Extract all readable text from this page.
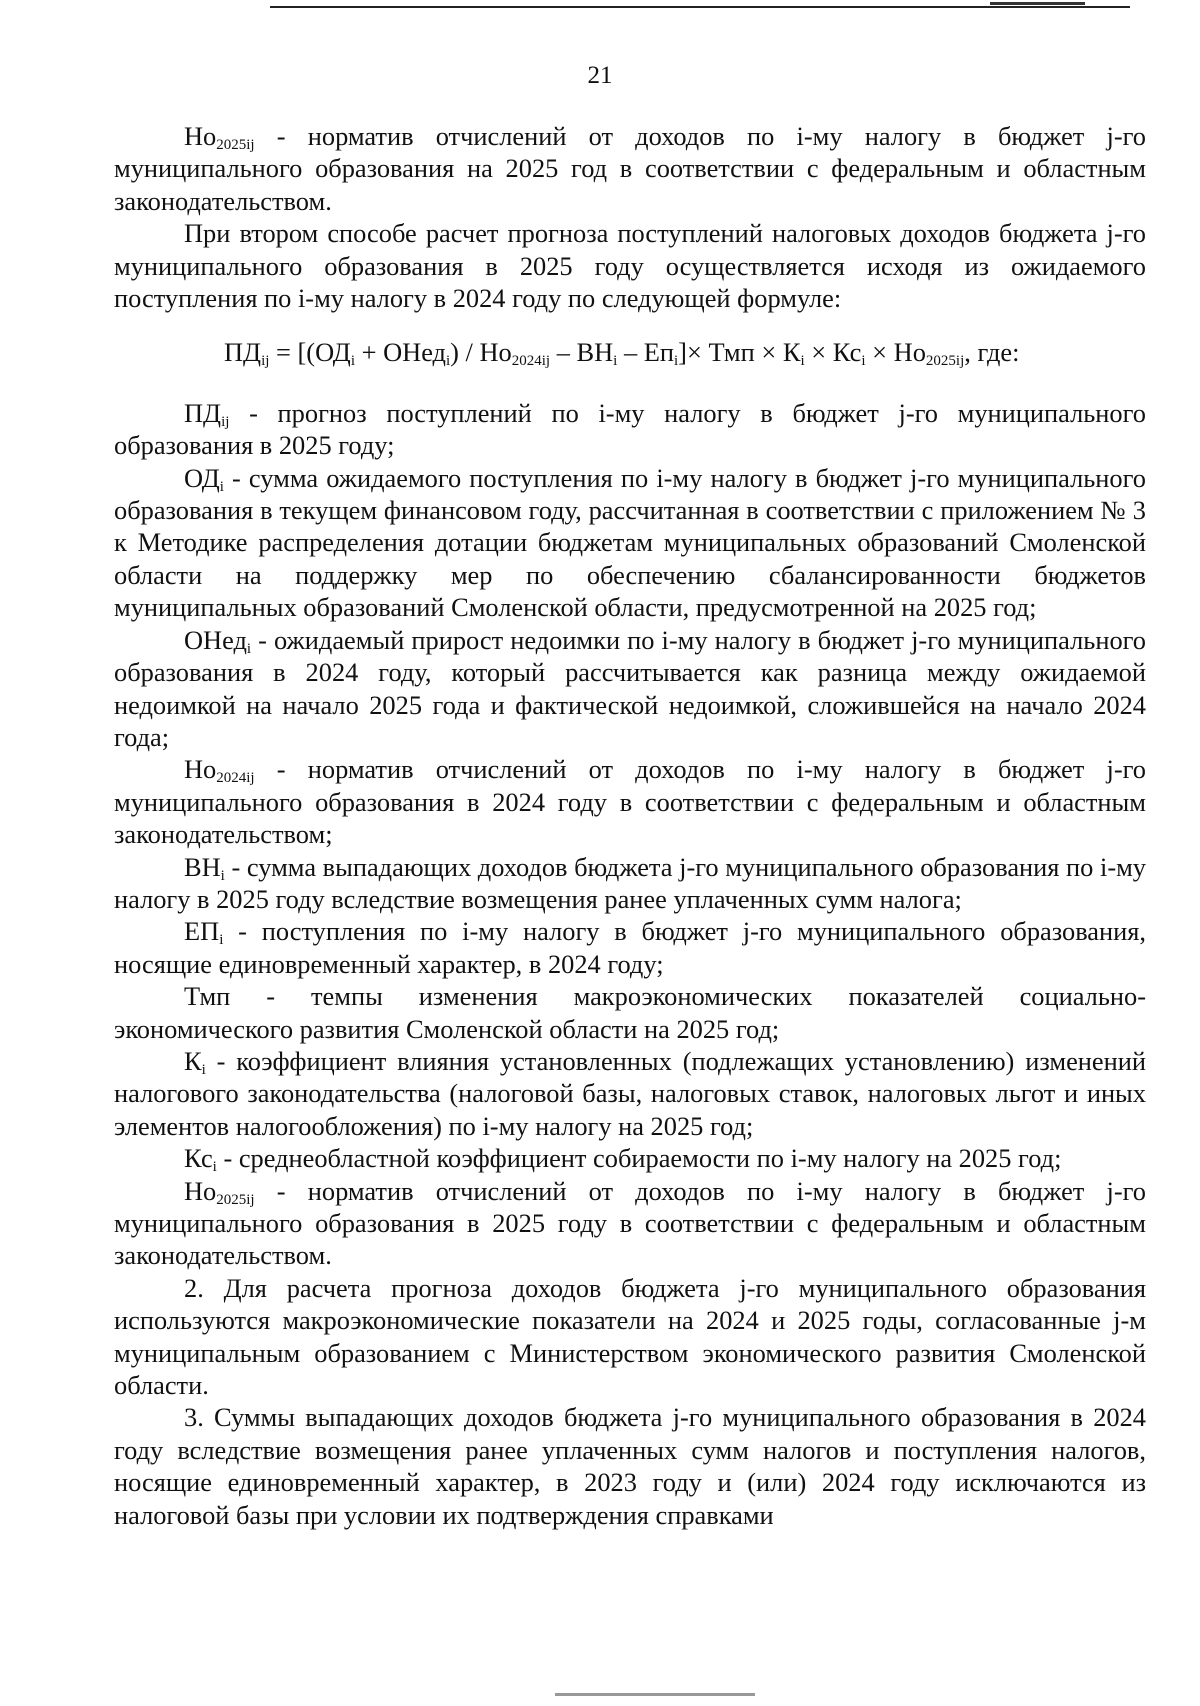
21

$Но_{2025ij}$ - норматив отчислений от доходов по i-му налогу в бюджет j-го муниципального образования на 2025 год в соответствии с федеральным и областным законодательством.

При втором способе расчет прогноза поступлений налоговых доходов бюджета j-го муниципального образования в 2025 году осуществляется исходя из ожидаемого поступления по i-му налогу в 2024 году по следующей формуле:

$ПД_{ij} = [(ОД_i$ + ОНед$_i$) / $Но_{2024ij} - ВН_i - Еп_i]\times$ Тмп × $К_i \times Кс_i \times Но_{2025ij}$, где:

$ПД_{ij}$ - прогноз поступлений по i-му налогу в бюджет j-го муниципального образования в 2025 году;

$ОД_i$ - сумма ожидаемого поступления по i-му налогу в бюджет j-го муниципального образования в текущем финансовом году, рассчитанная в соответствии с приложением № 3 к Методике распределения дотации бюджетам муниципальных образований Смоленской области на поддержку мер по обеспечению сбалансированности бюджетов муниципальных образований Смоленской области, предусмотренной на 2025 год;

ОНед$_i$ - ожидаемый прирост недоимки по i-му налогу в бюджет j-го муниципального образования в 2024 году, который рассчитывается как разница между ожидаемой недоимкой на начало 2025 года и фактической недоимкой, сложившейся на начало 2024 года;

$Но_{2024ij}$ - норматив отчислений от доходов по i-му налогу в бюджет j-го муниципального образования в 2024 году в соответствии с федеральным и областным законодательством;

$ВН_i$ - сумма выпадающих доходов бюджета j-го муниципального образования по i-му налогу в 2025 году вследствие возмещения ранее уплаченных сумм налога;

$ЕП_i$ - поступления по i-му налогу в бюджет j-го муниципального образования, носящие единовременный характер, в 2024 году;

Тмп - темпы изменения макроэкономических показателей социально-экономического развития Смоленской области на 2025 год;

$К_i$ - коэффициент влияния установленных (подлежащих установлению) изменений налогового законодательства (налоговой базы, налоговых ставок, налоговых льгот и иных элементов налогообложения) по i-му налогу на 2025 год;

$Кс_i$ - среднеобластной коэффициент собираемости по i-му налогу на 2025 год;

$Но_{2025ij}$ - норматив отчислений от доходов по i-му налогу в бюджет j-го муниципального образования в 2025 году в соответствии с федеральным и областным законодательством.

2. Для расчета прогноза доходов бюджета j-го муниципального образования используются макроэкономические показатели на 2024 и 2025 годы, согласованные j-м муниципальным образованием с Министерством экономического развития Смоленской области.

3. Суммы выпадающих доходов бюджета j-го муниципального образования в 2024 году вследствие возмещения ранее уплаченных сумм налогов и поступления налогов, носящие единовременный характер, в 2023 году и (или) 2024 году исключаются из налоговой базы при условии их подтверждения справками
